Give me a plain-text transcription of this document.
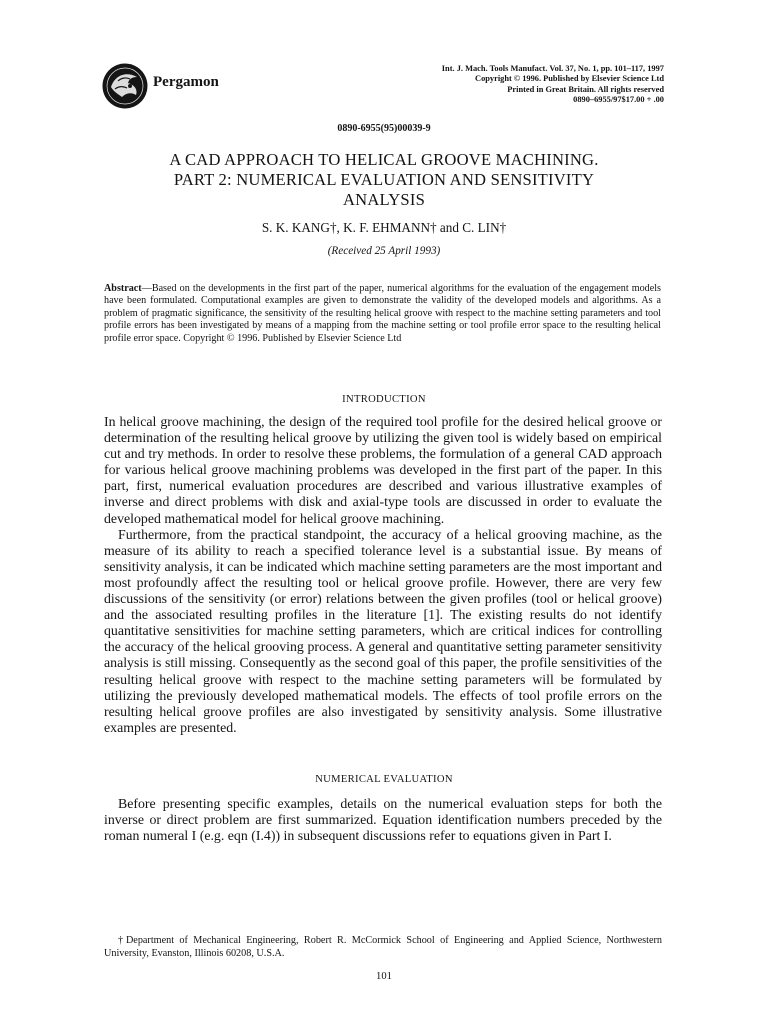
Pergamon
Int. J. Mach. Tools Manufact. Vol. 37, No. 1, pp. 101–117, 1997
Copyright © 1996. Published by Elsevier Science Ltd
Printed in Great Britain. All rights reserved
0890–6955/97$17.00 + .00
0890-6955(95)00039-9
A CAD APPROACH TO HELICAL GROOVE MACHINING.
PART 2: NUMERICAL EVALUATION AND SENSITIVITY
ANALYSIS
S. K. KANG†, K. F. EHMANN† and C. LIN†
(Received 25 April 1993)
Abstract—Based on the developments in the first part of the paper, numerical algorithms for the evaluation of the engagement models have been formulated. Computational examples are given to demonstrate the validity of the developed models and algorithms. As a problem of pragmatic significance, the sensitivity of the resulting helical groove with respect to the machine setting parameters and tool profile errors has been investigated by means of a mapping from the machine setting or tool profile error space to the resulting helical profile error space. Copyright © 1996. Published by Elsevier Science Ltd
INTRODUCTION

In helical groove machining, the design of the required tool profile for the desired helical groove or determination of the resulting helical groove by utilizing the given tool is widely based on empirical cut and try methods. In order to resolve these problems, the formulation of a general CAD approach for various helical groove machining problems was developed in the first part of the paper. In this part, first, numerical evaluation procedures are described and various illustrative examples of inverse and direct problems with disk and axial-type tools are discussed in order to evaluate the developed mathematical model for helical groove machining.

Furthermore, from the practical standpoint, the accuracy of a helical grooving machine, as the measure of its ability to reach a specified tolerance level is a substantial issue. By means of sensitivity analysis, it can be indicated which machine setting parameters are the most important and most profoundly affect the resulting tool or helical groove profile. However, there are very few discussions of the sensitivity (or error) relations between the given profiles (tool or helical groove) and the associated resulting profiles in the literature [1]. The existing results do not identify quantitative sensitivities for machine setting parameters, which are critical indices for controlling the accuracy of the helical grooving process. A general and quantitative setting parameter sensitivity analysis is still missing. Consequently as the second goal of this paper, the profile sensitivities of the resulting helical groove with respect to the machine setting parameters will be formulated by utilizing the previously developed mathematical models. The effects of tool profile errors on the resulting helical groove profiles are also investigated by sensitivity analysis. Some illustrative examples are presented.

NUMERICAL EVALUATION

Before presenting specific examples, details on the numerical evaluation steps for both the inverse or direct problem are first summarized. Equation identification numbers preceded by the roman numeral I (e.g. eqn (I.4)) in subsequent discussions refer to equations given in Part I.

†Department of Mechanical Engineering, Robert R. McCormick School of Engineering and Applied Science, Northwestern University, Evanston, Illinois 60208, U.S.A.
101
